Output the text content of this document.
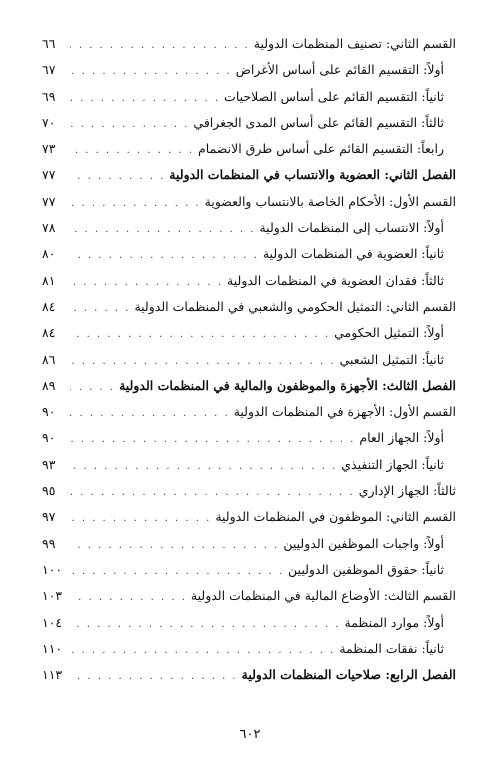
القسم الثاني: تصنيف المنظمات الدولية
. . .
٦٦
أولاً: التقسيم القائم على أساس الأغراض
. . .
٦٧
ثانياً: التقسيم القائم على أساس الصلاحيات
. . .
٦٩
ثالثاً: التقسيم القائم على أساس المدى الجغرافي
. . .
٧٠
رابعاً: التقسيم القائم على أساس طرق الانضمام
. . .
٧٣
الفصل الثاني: العضوية والانتساب في المنظمات الدولية
. . .
٧٧
القسم الأول: الأحكام الخاصة بالانتساب والعضوية
. . .
٧٧
أولاً: الانتساب إلى المنظمات الدولية
. . .
٧٨
ثانياً: العضوية في المنظمات الدولية
. . .
٨٠
ثالثاً: فقدان العضوية في المنظمات الدولية
. . .
٨١
القسم الثاني: التمثيل الحكومي والشعبي في المنظمات الدولية
. . .
٨٤
أولاً: التمثيل الحكومي
. . .
٨٤
ثانياً: التمثيل الشعبي
. . .
٨٦
الفصل الثالث: الأجهزة والموظفون والمالية في المنظمات الدولية
. . .
٨٩
القسم الأول: الأجهزة في المنظمات الدولية
. . .
٩٠
أولاً: الجهاز العام
. . .
٩٠
ثانياً: الجهاز التنفيذي
. . .
٩٣
ثالثاً: الجهاز الإداري
. . .
٩٥
القسم الثاني: الموظفون في المنظمات الدولية
. . .
٩٧
أولاً: واجبات الموظفين الدوليين
. . .
٩٩
ثانياً: حقوق الموظفين الدوليين
. . .
١٠٠
القسم الثالث: الأوضاع المالية في المنظمات الدولية
. . .
١٠٣
أولاً: موارد المنظمة
. . .
١٠٤
ثانياً: نفقات المنظمة
. . .
١١٠
الفصل الرابع: صلاحيات المنظمات الدولية
. . .
١١٣
٦٠٢
